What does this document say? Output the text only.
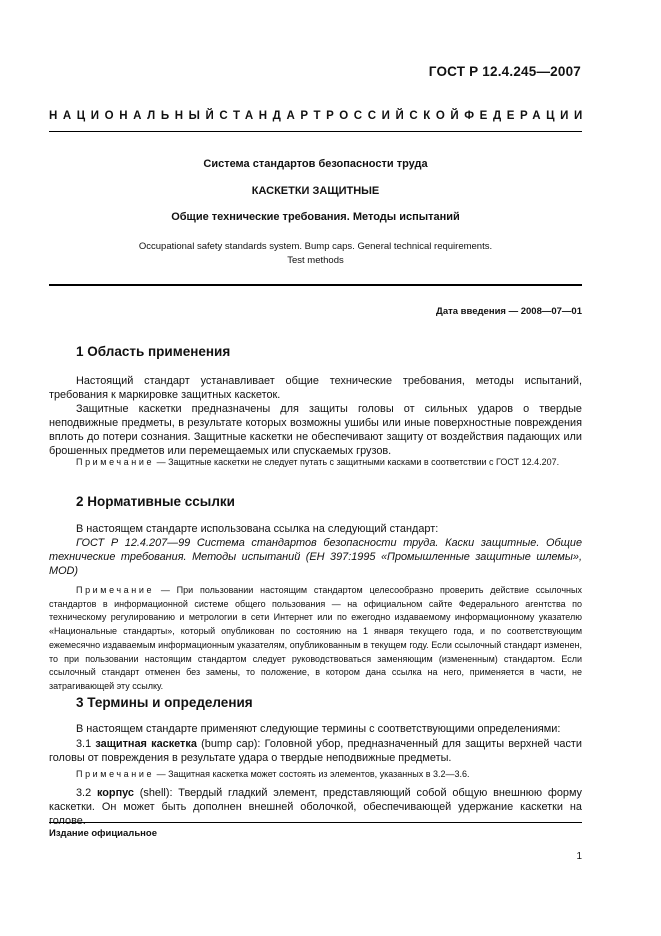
ГОСТ Р 12.4.245—2007
НАЦИОНАЛЬНЫЙ СТАНДАРТ РОССИЙСКОЙ ФЕДЕРАЦИИ
Система стандартов безопасности труда
КАСКЕТКИ ЗАЩИТНЫЕ
Общие технические требования. Методы испытаний
Occupational safety standards system. Bump caps. General technical requirements.
Test methods
Дата введения — 2008—07—01
1 Область применения
Настоящий стандарт устанавливает общие технические требования, методы испытаний, требования к маркировке защитных каскеток.
Защитные каскетки предназначены для защиты головы от сильных ударов о твердые неподвижные предметы, в результате которых возможны ушибы или иные поверхностные повреждения вплоть до потери сознания. Защитные каскетки не обеспечивают защиту от воздействия падающих или брошенных предметов или перемещаемых или спускаемых грузов.
Примечание — Защитные каскетки не следует путать с защитными касками в соответствии с ГОСТ 12.4.207.
2 Нормативные ссылки
В настоящем стандарте использована ссылка на следующий стандарт:
ГОСТ Р 12.4.207—99 Система стандартов безопасности труда. Каски защитные. Общие технические требования. Методы испытаний (ЕН 397:1995 «Промышленные защитные шлемы», MOD)
Примечание — При пользовании настоящим стандартом целесообразно проверить действие ссылочных стандартов в информационной системе общего пользования — на официальном сайте Федерального агентства по техническому регулированию и метрологии в сети Интернет или по ежегодно издаваемому информационному указателю «Национальные стандарты», который опубликован по состоянию на 1 января текущего года, и по соответствующим ежемесячно издаваемым информационным указателям, опубликованным в текущем году. Если ссылочный стандарт изменен, то при пользовании настоящим стандартом следует руководствоваться заменяющим (измененным) стандартом. Если ссылочный стандарт отменен без замены, то положение, в котором дана ссылка на него, применяется в части, не затрагивающей эту ссылку.
3 Термины и определения
В настоящем стандарте применяют следующие термины с соответствующими определениями:
3.1 защитная каскетка (bump cap): Головной убор, предназначенный для защиты верхней части головы от повреждения в результате удара о твердые неподвижные предметы.
Примечание — Защитная каскетка может состоять из элементов, указанных в 3.2—3.6.
3.2 корпус (shell): Твердый гладкий элемент, представляющий собой общую внешнюю форму каскетки. Он может быть дополнен внешней оболочкой, обеспечивающей удержание каскетки на голове.
Издание официальное
1
